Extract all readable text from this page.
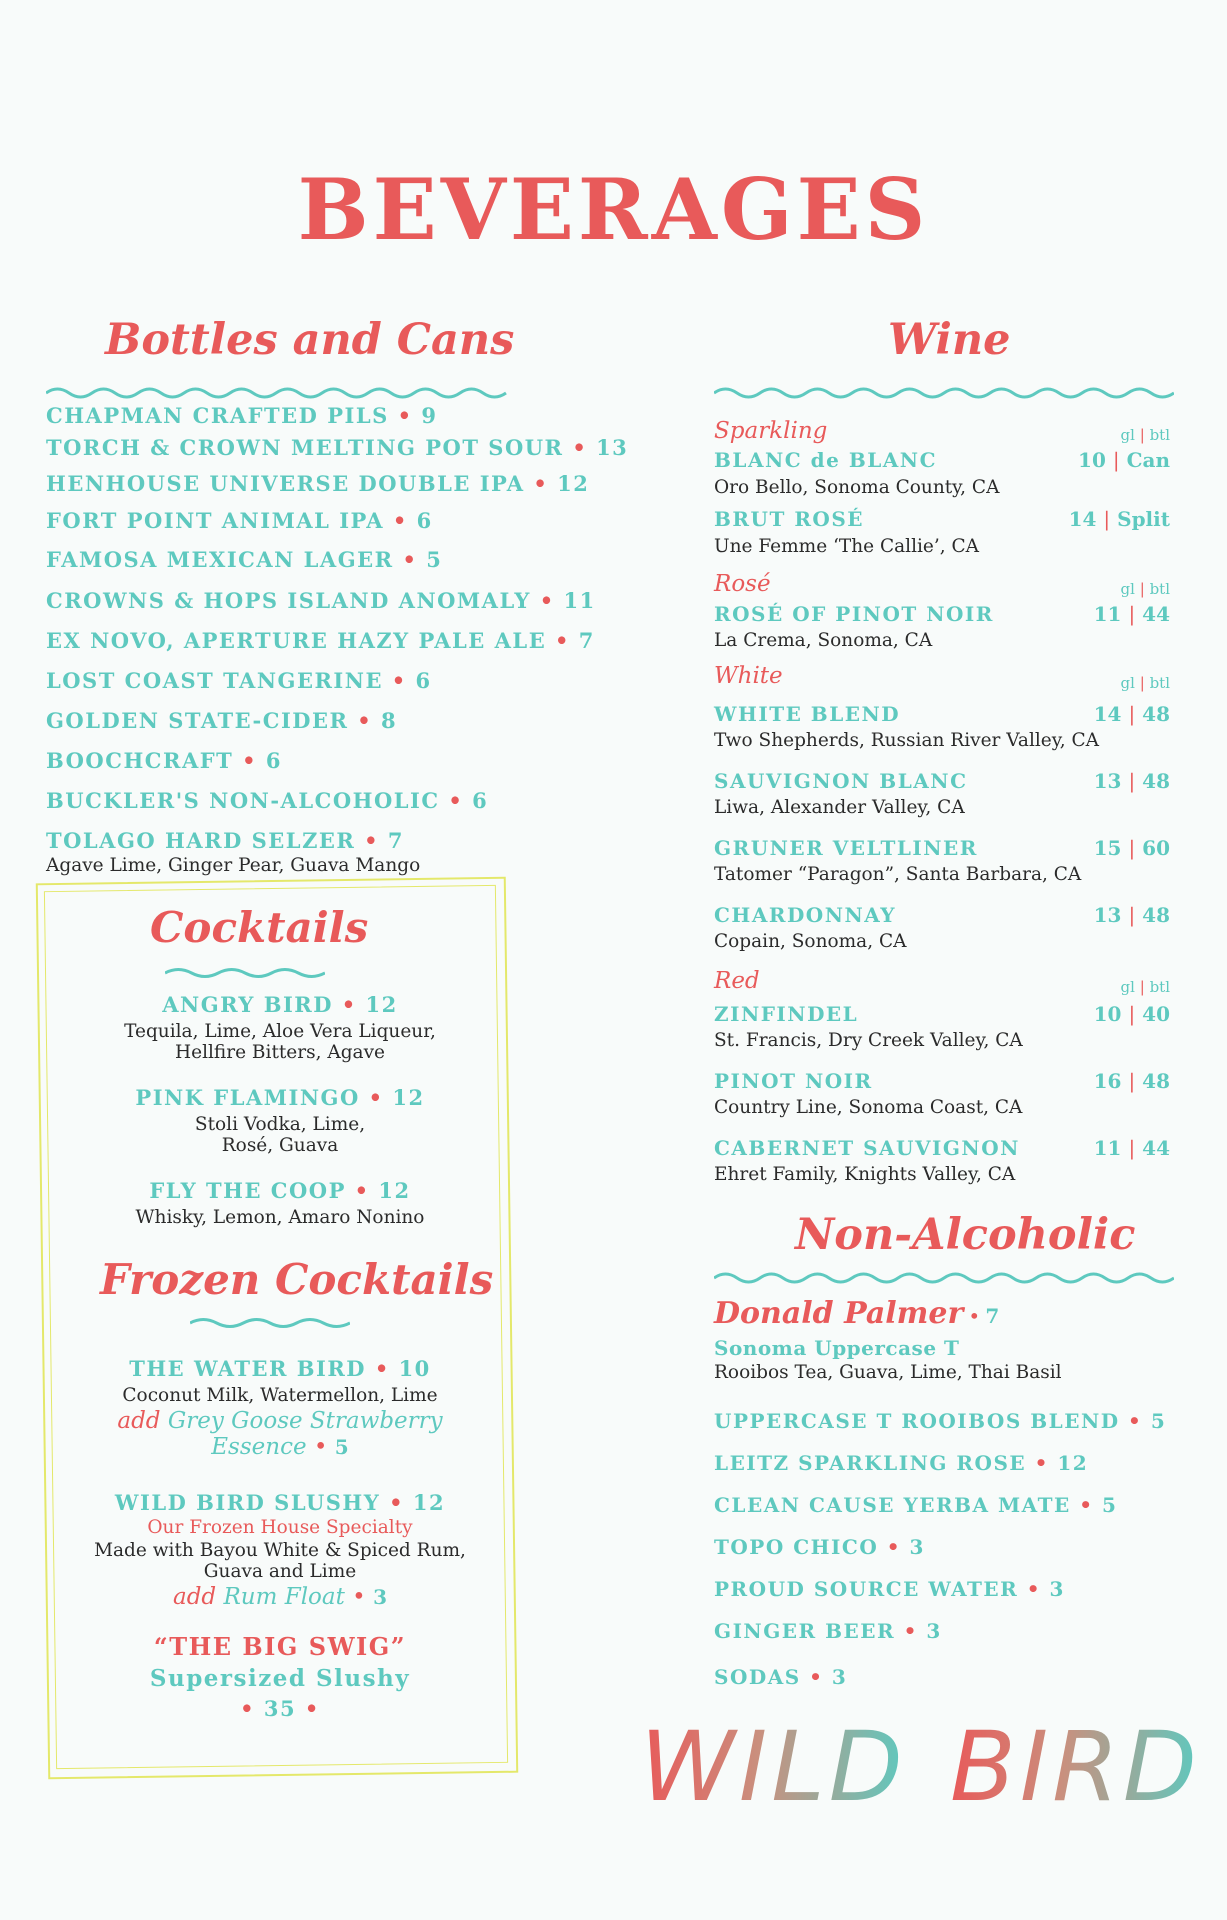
BEVERAGES
Bottles and Cans
CHAPMAN CRAFTED PILS • 9
TORCH & CROWN MELTING POT SOUR • 13
HENHOUSE UNIVERSE DOUBLE IPA • 12
FORT POINT ANIMAL IPA • 6
FAMOSA MEXICAN LAGER • 5
CROWNS & HOPS ISLAND ANOMALY • 11
EX NOVO, APERTURE HAZY PALE ALE • 7
LOST COAST TANGERINE • 6
GOLDEN STATE-CIDER • 8
BOOCHCRAFT • 6
BUCKLER'S NON-ALCOHOLIC • 6
TOLAGO HARD SELZER • 7
Agave Lime, Ginger Pear, Guava Mango
Cocktails
ANGRY BIRD • 12
Tequila, Lime, Aloe Vera Liqueur,
Hellfire Bitters, Agave
PINK FLAMINGO • 12
Stoli Vodka, Lime,
Rosé, Guava
FLY THE COOP • 12
Whisky, Lemon, Amaro Nonino
Frozen Cocktails
THE WATER BIRD • 10
Coconut Milk, Watermellon, Lime
add Grey Goose Strawberry
Essence • 5
WILD BIRD SLUSHY • 12
Our Frozen House Specialty
Made with Bayou White & Spiced Rum,
Guava and Lime
add Rum Float • 3
“THE BIG SWIG”
Supersized Slushy
• 35 •
Wine
Sparkling	gl | btl
BLANC de BLANC	10 | Can
Oro Bello, Sonoma County, CA
BRUT ROSÉ	14 | Split
Une Femme ‘The Callie’, CA
Rosé	gl | btl
ROSÉ OF PINOT NOIR	11 | 44
La Crema, Sonoma, CA
White	gl | btl
WHITE BLEND	14 | 48
Two Shepherds, Russian River Valley, CA
SAUVIGNON BLANC	13 | 48
Liwa, Alexander Valley, CA
GRUNER VELTLINER	15 | 60
Tatomer “Paragon”, Santa Barbara, CA
CHARDONNAY	13 | 48
Copain, Sonoma, CA
Red	gl | btl
ZINFINDEL	10 | 40
St. Francis, Dry Creek Valley, CA
PINOT NOIR	16 | 48
Country Line, Sonoma Coast, CA
CABERNET SAUVIGNON	11 | 44
Ehret Family, Knights Valley, CA
Non-Alcoholic
Donald Palmer • 7
Sonoma Uppercase T
Rooibos Tea, Guava, Lime, Thai Basil
UPPERCASE T ROOIBOS BLEND • 5
LEITZ SPARKLING ROSE • 12
CLEAN CAUSE YERBA MATE • 5
TOPO CHICO • 3
PROUD SOURCE WATER • 3
GINGER BEER • 3
SODAS • 3
WILD BIRD
